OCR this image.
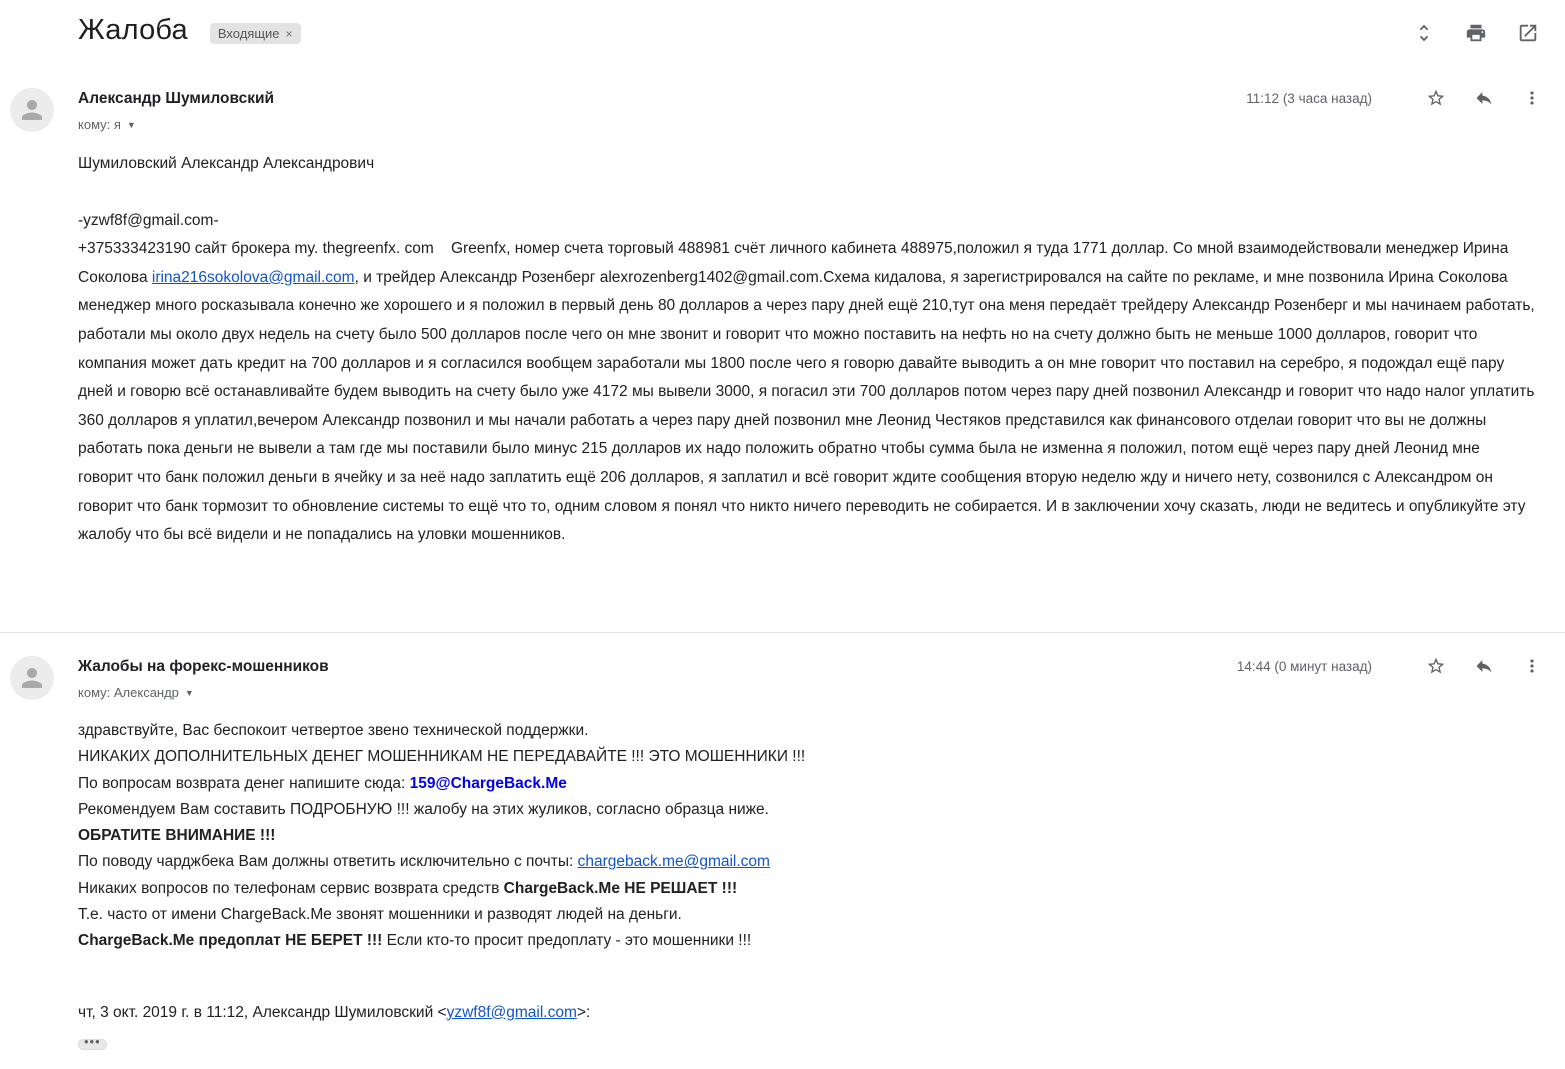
Жалоба Входящие ×
Александр Шумиловский
кому: я ▼
11:12 (3 часа назад)
Шумиловский Александр Александрович
-yzwf8f@gmail.com-
+375333423190 сайт брокера my. thegreenfx. com    Greenfx, номер счета торговый 488981 счёт личного кабинета 488975,положил я туда 1771 доллар. Со мной взаимодействовали менеджер Ирина Соколова irina216sokolova@gmail.com, и трейдер Александр Розенберг alexrozenberg1402@gmail.com.Схема кидалова, я зарегистрировался на сайте по рекламе, и мне позвонила Ирина Соколова менеджер много росказывала конечно же хорошего и я положил в первый день 80 долларов а через пару дней ещё 210,тут она меня передаёт трейдеру Александр Розенберг и мы начинаем работать, работали мы около двух недель на счету было 500 долларов после чего он мне звонит и говорит что можно поставить на нефть но на счету должно быть не меньше 1000 долларов, говорит что компания может дать кредит на 700 долларов и я согласился вообщем заработали мы 1800 после чего я говорю давайте выводить а он мне говорит что поставил на серебро, я подождал ещё пару дней и говорю всё останавливайте будем выводить на счету было уже 4172 мы вывели 3000, я погасил эти 700 долларов потом через пару дней позвонил Александр и говорит что надо налог уплатить 360 долларов я уплатил,вечером Александр позвонил и мы начали работать а через пару дней позвонил мне Леонид Честяков представился как финансового отделаи говорит что вы не должны работать пока деньги не вывели а там где мы поставили было минус 215 долларов их надо положить обратно чтобы сумма была не изменна я положил, потом ещё через пару дней Леонид мне говорит что банк положил деньги в ячейку и за неё надо заплатить ещё 206 долларов, я заплатил и всё говорит ждите сообщения вторую неделю жду и ничего нету, созвонился с Александром он говорит что банк тормозит то обновление системы то ещё что то, одним словом я понял что никто ничего переводить не собирается. И в заключении хочу сказать, люди не ведитесь и опубликуйте эту жалобу что бы всё видели и не попадались на уловки мошенников.
Жалобы на форекс-мошенников
кому: Александр ▼
14:44 (0 минут назад)
здравствуйте, Вас беспокоит четвертое звено технической поддержки.
НИКАКИХ ДОПОЛНИТЕЛЬНЫХ ДЕНЕГ МОШЕННИКАМ НЕ ПЕРЕДАВАЙТЕ !!! ЭТО МОШЕННИКИ !!!
По вопросам возврата денег напишите сюда: 159@ChargeBack.Me
Рекомендуем Вам составить ПОДРОБНУЮ !!! жалобу на этих жуликов, согласно образца ниже.
ОБРАТИТЕ ВНИМАНИЕ !!!
По поводу чарджбека Вам должны ответить исключительно с почты: chargeback.me@gmail.com
Никаких вопросов по телефонам сервис возврата средств ChargeBack.Me НЕ РЕШАЕТ !!!
Т.е. часто от имени ChargeBack.Me звонят мошенники и разводят людей на деньги.
ChargeBack.Me предоплат НЕ БЕРЕТ !!! Если кто-то просит предоплату - это мошенники !!!
чт, 3 окт. 2019 г. в 11:12, Александр Шумиловский <yzwf8f@gmail.com>:
•••
